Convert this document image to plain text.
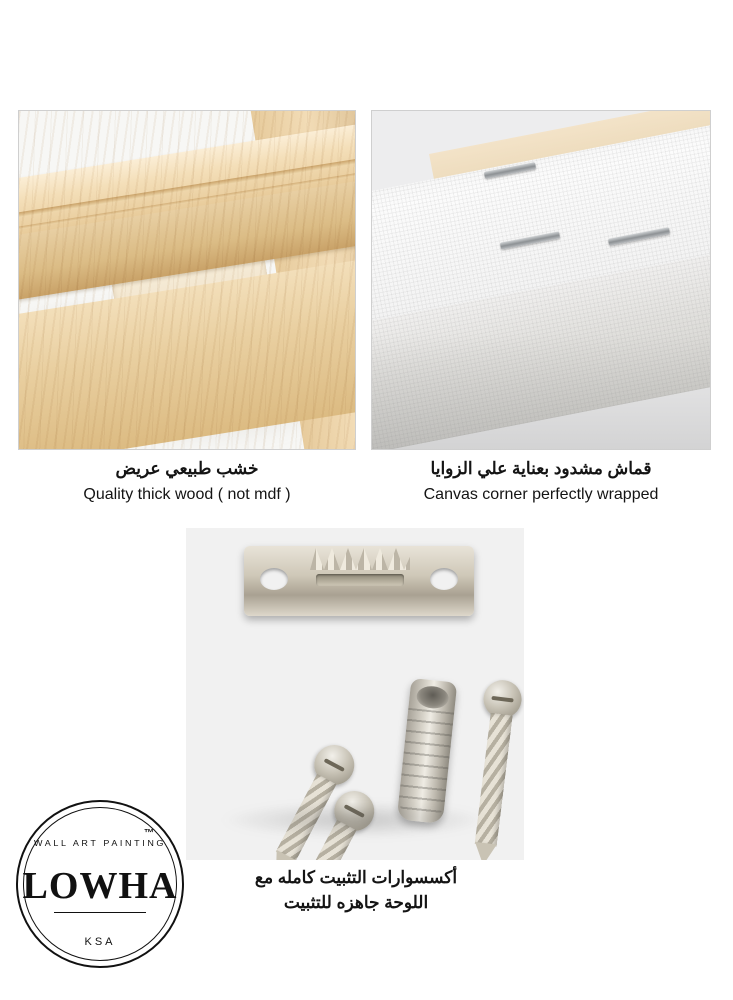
خشب طبيعي عريض
Quality thick wood ( not mdf )
قماش مشدود بعناية علي الزوايا
Canvas corner perfectly wrapped
أكسسوارات التثبيت كامله مع
اللوحة جاهزه للتثبيت
WALL ART PAINTING
LOWHA
™
KSA
